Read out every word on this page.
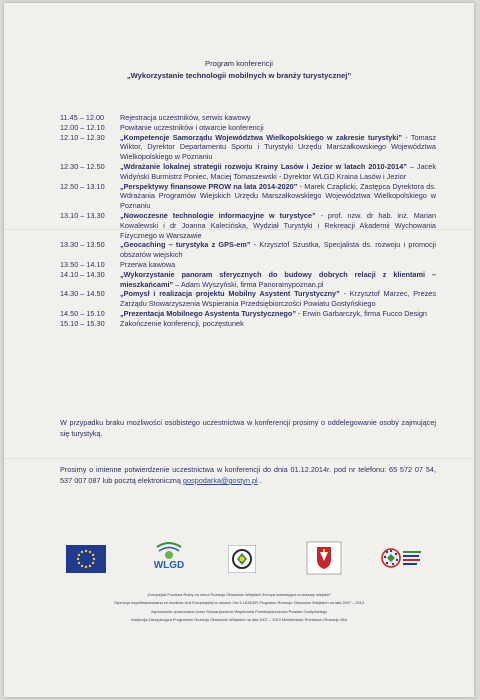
Program konferencji
„Wykorzystanie technologii mobilnych w branży turystycznej”
11.45 – 12.00	Rejestracja uczestników, serwis kawowy
12.00 – 12.10	Powitanie uczestników i otwarcie konferencji
12.10 – 12.30	„Kompetencje Samorządu Województwa Wielkopolskiego w zakresie turystyki” - Tomasz Wiktor, Dyrektor Departamentu Sportu i Turystyki Urzędu Marszałkowskiego Województwa Wielkopolskiego w Poznaniu
12.30 – 12.50	„Wdrażanie lokalnej strategii rozwoju Krainy Lasów i Jezior w latach 2010-2014” – Jacek Widyński Burmistrz Poniec, Maciej Tomaszewski - Dyrektor WLGD Kraina Lasów i Jezior
12.50 – 13.10	„Perspektywy finansowe PROW na lata 2014-2020” - Marek Czaplicki, Zastępca Dyrektora ds. Wdrażania Programów Wiejskich Urzędu Marszałkowskiego Województwa Wielkopolskiego w Poznaniu
13.10 – 13.30	„Nowoczesne technologie informacyjne w turystyce” - prof. nzw. dr hab. inż. Marian Kowalewski i dr Joanna Kalecińska, Wydział Turystyki i Rekreacji Akademii Wychowania Fizycznego w Warszawie
13.30 – 13.50	„Geocaching – turystyka z GPS-em” - Krzysztof Szustka, Specjalista ds. rozwoju i promocji obszarów wiejskich
13.50 – 14.10	Przerwa kawowa
14.10 – 14.30	„Wykorzystanie panoram sferycznych do budowy dobrych relacji z klientami – mieszkańcami” – Adam Wyszyński, firma Panoramypoznan.pl
14.30 – 14.50	„Pomysł i realizacja projektu Mobilny Asystent Turystyczny” - Krzysztof Marzec, Prezes Zarządu Stowarzyszenia Wspierania Przedsiębiorczości Powiatu Gostyńskiego
14.50 – 15.10	„Prezentacja Mobilnego Asystenta Turystycznego” - Erwin Garbarczyk, firma Fucco Design
15.10 – 15.30	Zakończenie konferencji, poczęstunek
W przypadku braku możliwości osobistego uczestnictwa w konferencji prosimy o oddelegowanie osoby zajmującej się turystyką.
Prosimy o imienne potwierdzenie uczestnictwa w konferencji do dnia 01.12.2014r. pod nr telefonu: 65 572 07 54, 537 007 087 lub pocztą elektroniczną gospodarka@gostyn.pl .
WLGD
„Europejski Fundusz Rolny na rzecz Rozwoju Obszarów Wiejskich Europa inwestująca w obszary wiejskie”
Operacja współfinansowana ze środków Unii Europejskiej w ramach Osi 4 LEADER Programu Rozwoju Obszarów Wiejskich na lata 2007 – 2013
Zaproszenie opracowane przez Stowarzyszenie Wspierania Przedsiębiorczości Powiatu Gostyńskiego
Instytucja Zarządzająca Programem Rozwoju Obszarów Wiejskich na lata 2007 – 2013 Ministerstwo Rolnictwa i Rozwoju Wsi
